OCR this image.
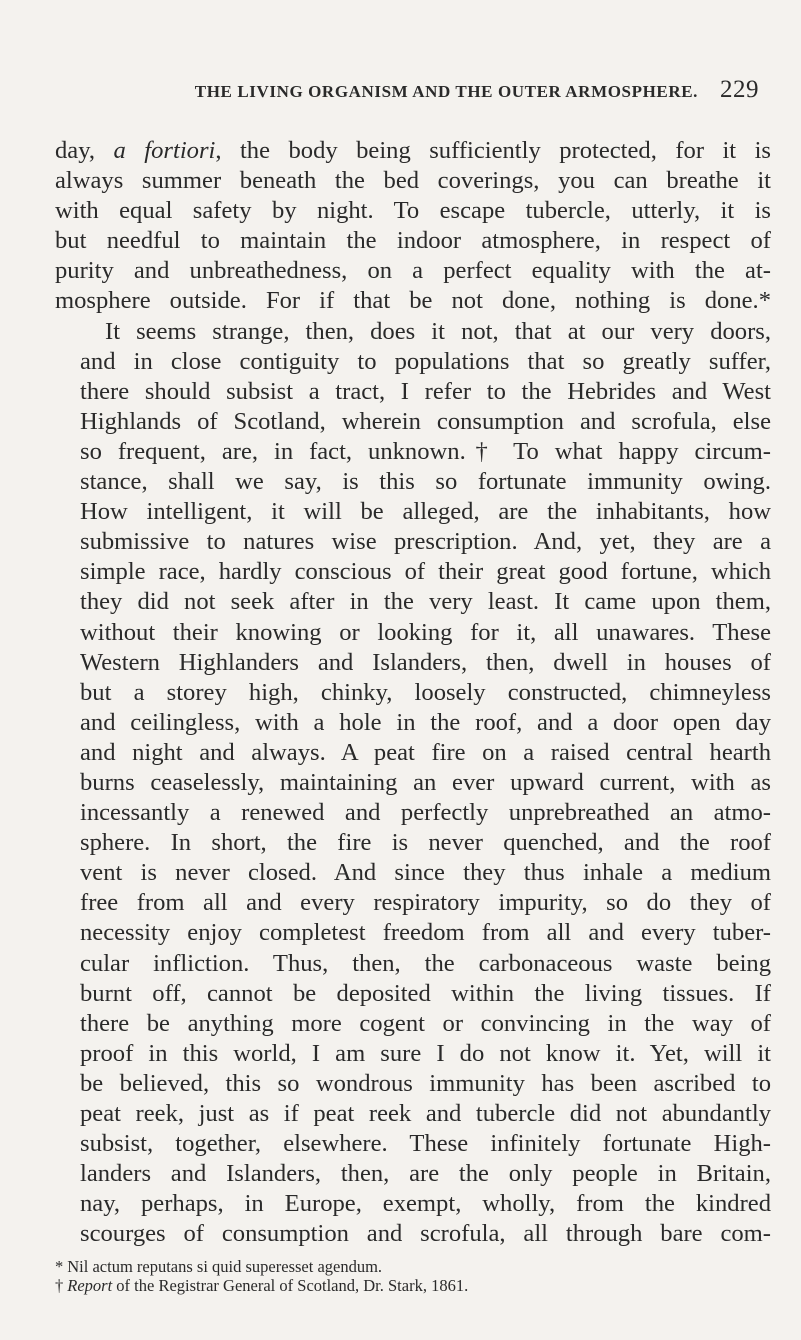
THE LIVING ORGANISM AND THE OUTER ARMOSPHERE. 229

day, a fortiori, the body being sufficiently protected, for it is
always summer beneath the bed coverings, you can breathe it
with equal safety by night. To escape tubercle, utterly, it is
but needful to maintain the indoor atmosphere, in respect of
purity and unbreathedness, on a perfect equality with the at-
mosphere outside. For if that be not done, nothing is done.*

It seems strange, then, does it not, that at our very doors,
and in close contiguity to populations that so greatly suffer,
there should subsist a tract, I refer to the Hebrides and West
Highlands of Scotland, wherein consumption and scrofula, else
so frequent, are, in fact, unknown.† To what happy circum-
stance, shall we say, is this so fortunate immunity owing.
How intelligent, it will be alleged, are the inhabitants, how
submissive to natures wise prescription. And, yet, they are a
simple race, hardly conscious of their great good fortune, which
they did not seek after in the very least. It came upon them,
without their knowing or looking for it, all unawares. These
Western Highlanders and Islanders, then, dwell in houses of
but a storey high, chinky, loosely constructed, chimneyless
and ceilingless, with a hole in the roof, and a door open day
and night and always. A peat fire on a raised central hearth
burns ceaselessly, maintaining an ever upward current, with as
incessantly a renewed and perfectly unprebreathed an atmo-
sphere. In short, the fire is never quenched, and the roof
vent is never closed. And since they thus inhale a medium
free from all and every respiratory impurity, so do they of
necessity enjoy completest freedom from all and every tuber-
cular infliction. Thus, then, the carbonaceous waste being
burnt off, cannot be deposited within the living tissues. If
there be anything more cogent or convincing in the way of
proof in this world, I am sure I do not know it. Yet, will it
be believed, this so wondrous immunity has been ascribed to
peat reek, just as if peat reek and tubercle did not abundantly
subsist, together, elsewhere. These infinitely fortunate High-
landers and Islanders, then, are the only people in Britain,
nay, perhaps, in Europe, exempt, wholly, from the kindred
scourges of consumption and scrofula, all through bare com-

* Nil actum reputans si quid superesset agendum.
† Report of the Registrar General of Scotland, Dr. Stark, 1861.
